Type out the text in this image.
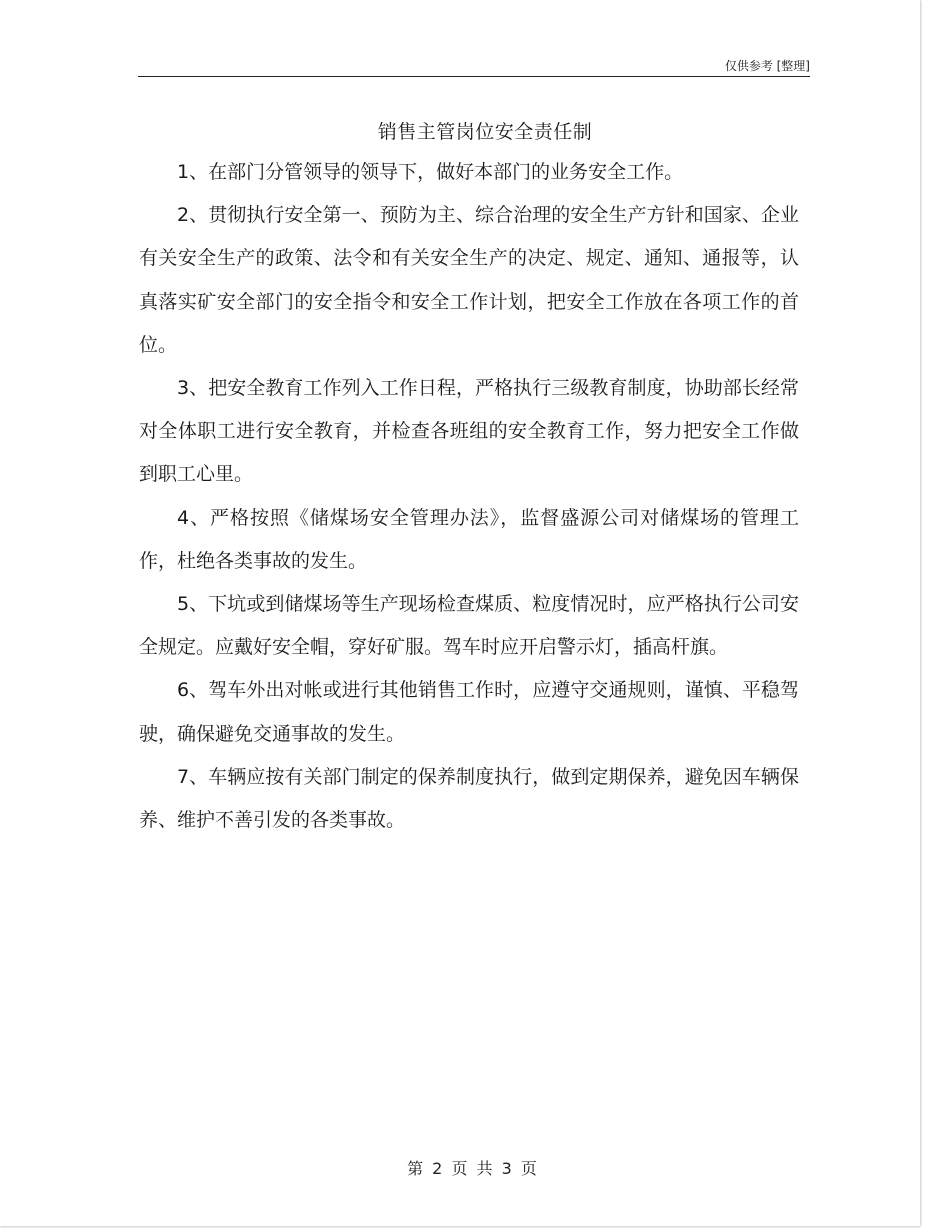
仅供参考 [整理]
销售主管岗位安全责任制

1、在部门分管领导的领导下，做好本部门的业务安全工作。

2、贯彻执行安全第一、预防为主、综合治理的安全生产方针和国家、企业有关安全生产的政策、法令和有关安全生产的决定、规定、通知、通报等，认真落实矿安全部门的安全指令和安全工作计划，把安全工作放在各项工作的首位。

3、把安全教育工作列入工作日程，严格执行三级教育制度，协助部长经常对全体职工进行安全教育，并检查各班组的安全教育工作，努力把安全工作做到职工心里。

4、严格按照《储煤场安全管理办法》，监督盛源公司对储煤场的管理工作，杜绝各类事故的发生。

5、下坑或到储煤场等生产现场检查煤质、粒度情况时，应严格执行公司安全规定。应戴好安全帽，穿好矿服。驾车时应开启警示灯，插高杆旗。

6、驾车外出对帐或进行其他销售工作时，应遵守交通规则，谨慎、平稳驾驶，确保避免交通事故的发生。

7、车辆应按有关部门制定的保养制度执行，做到定期保养，避免因车辆保养、维护不善引发的各类事故。

第 2 页 共 3 页
